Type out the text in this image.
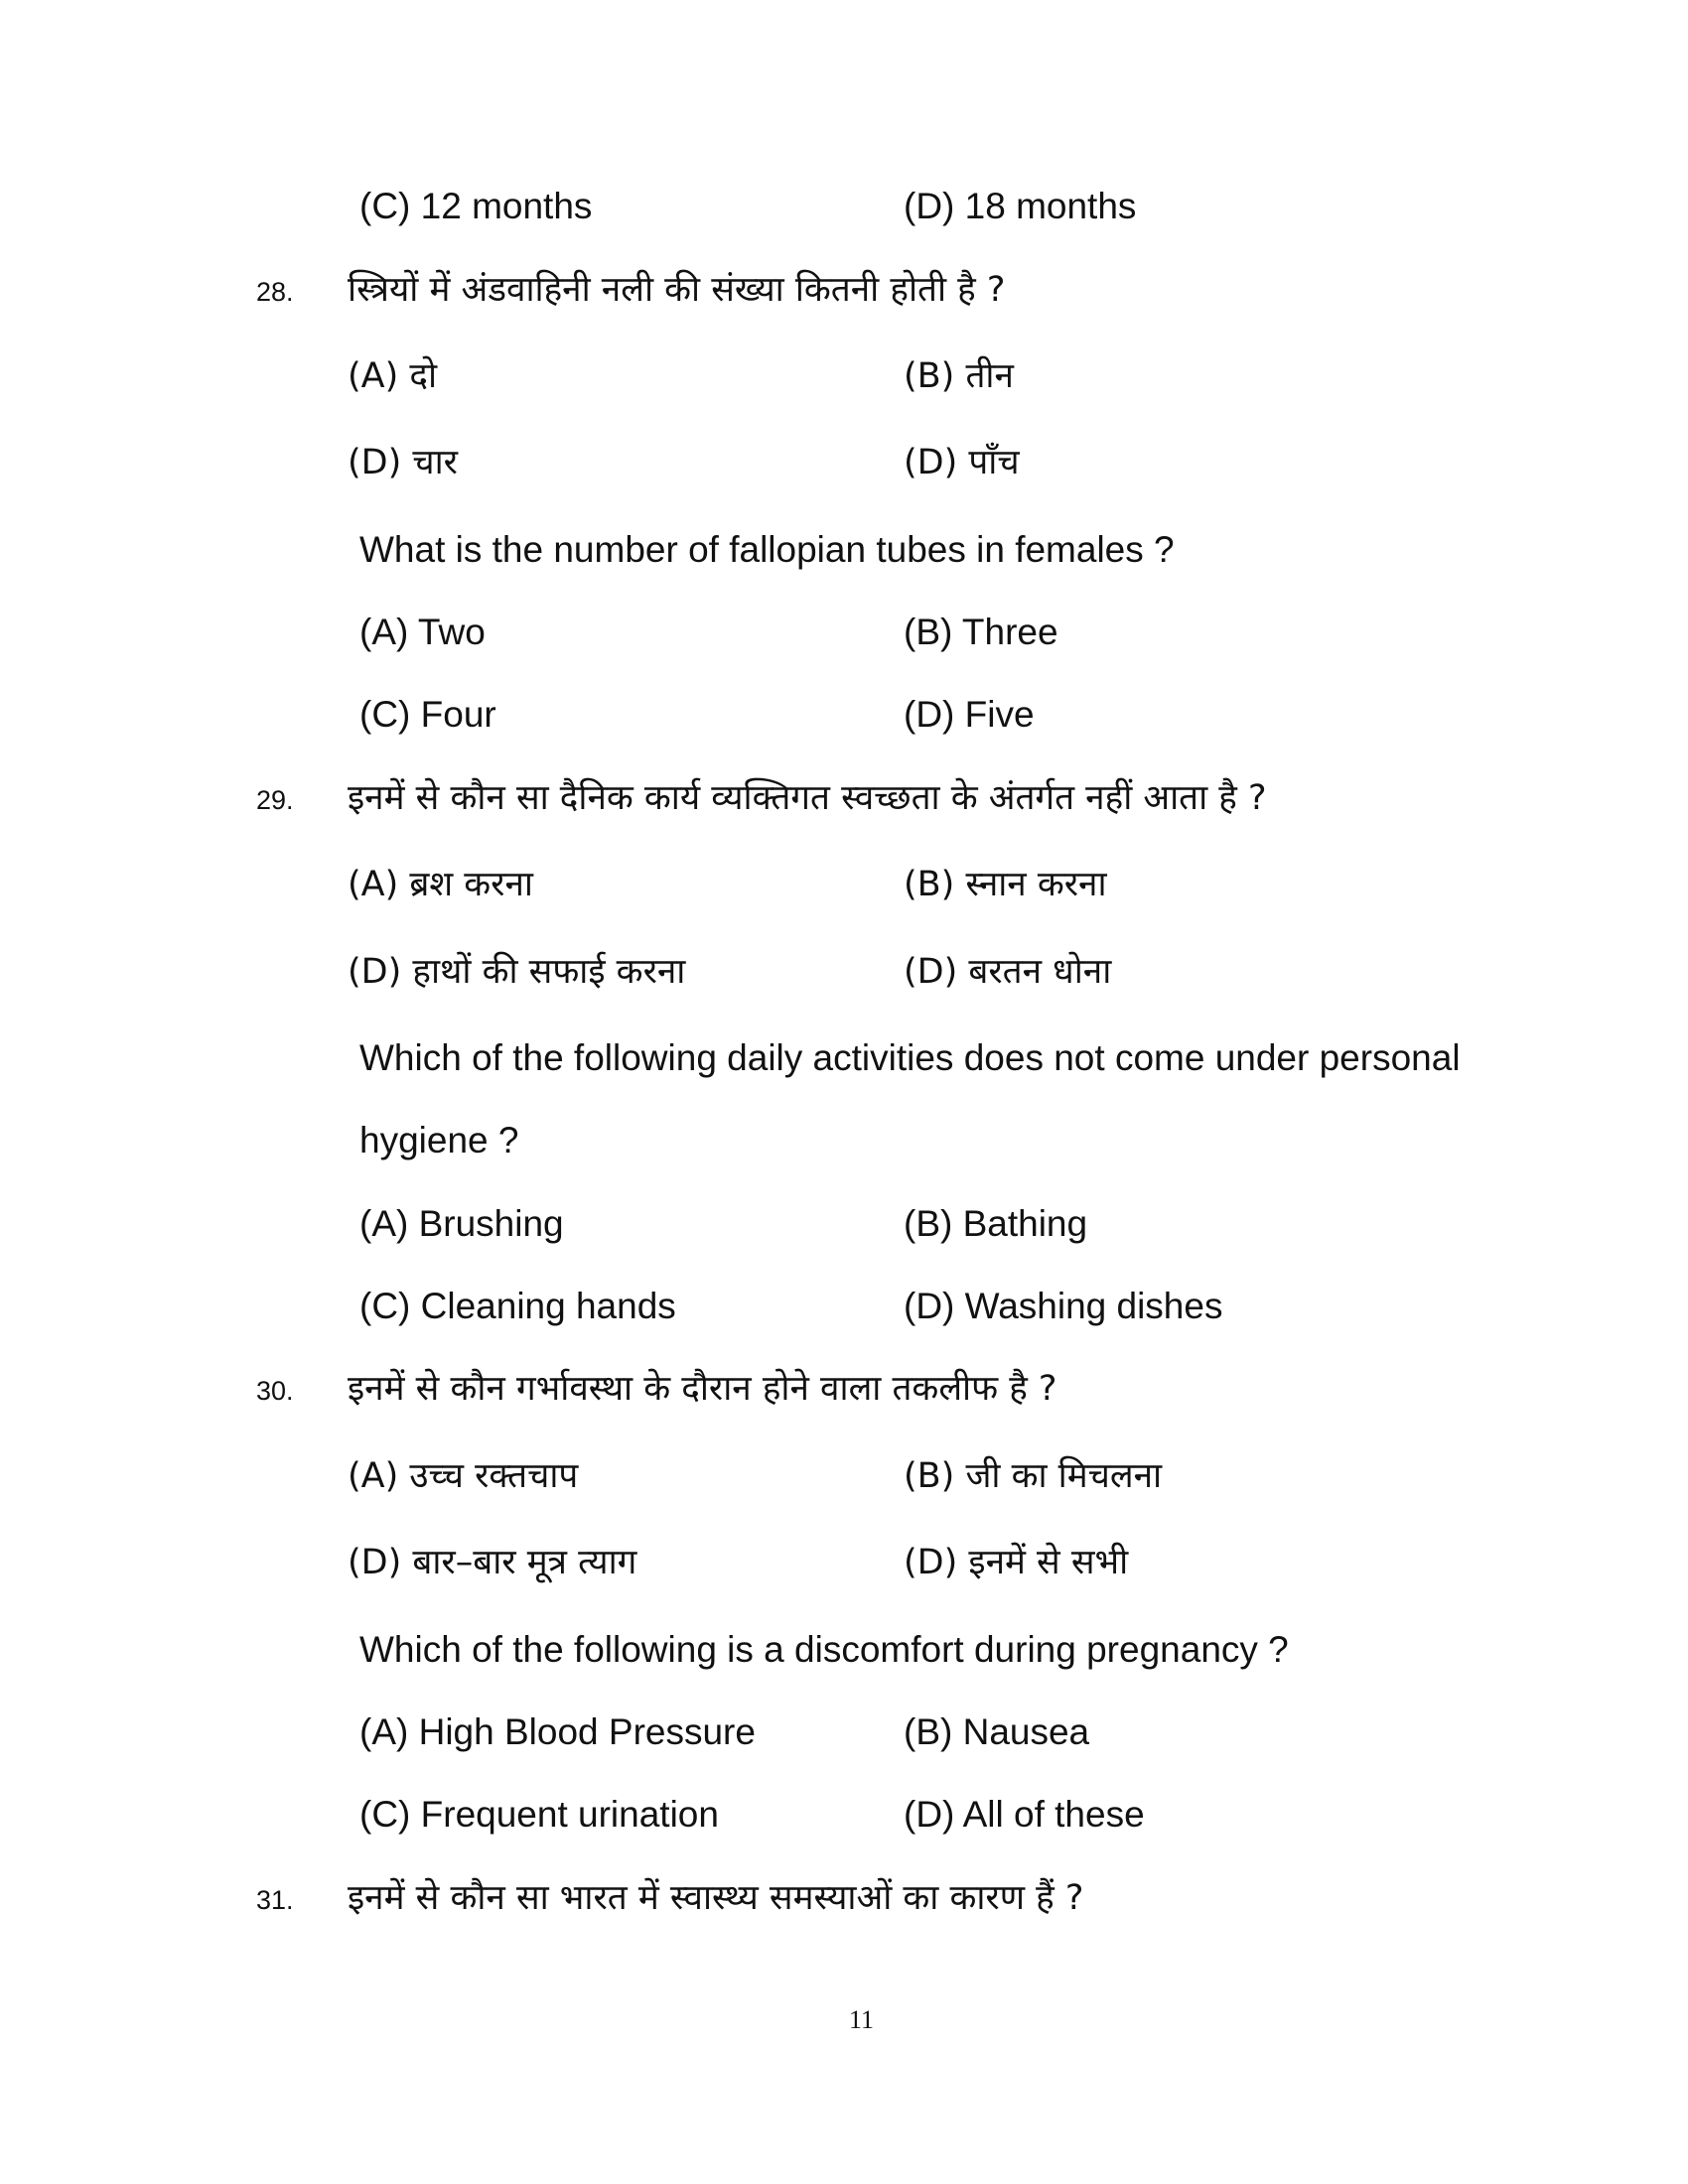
(C) 12 months	(D) 18 months
28. स्त्रियों में अंडवाहिनी नली की संख्या कितनी होती है ?
(A) दो	(B) तीन
(D) चार	(D) पाँच
What is the number of fallopian tubes in females ?
(A) Two	(B) Three
(C) Four	(D) Five
29. इनमें से कौन सा दैनिक कार्य व्यक्तिगत स्वच्छता के अंतर्गत नहीं आता है ?
(A) ब्रश करना	(B) स्नान करना
(D) हाथों की सफाई करना	(D) बरतन धोना
Which of the following daily activities does not come under personal
hygiene ?
(A) Brushing	(B) Bathing
(C) Cleaning hands	(D) Washing dishes
30. इनमें से कौन गर्भावस्था के दौरान होने वाला तकलीफ है ?
(A) उच्च रक्तचाप	(B) जी का मिचलना
(D) बार–बार मूत्र त्याग	(D) इनमें से सभी
Which of the following is a discomfort during pregnancy ?
(A) High Blood Pressure	(B) Nausea
(C) Frequent urination	(D) All of these
31. इनमें से कौन सा भारत में स्वास्थ्य समस्याओं का कारण हैं ?
11
